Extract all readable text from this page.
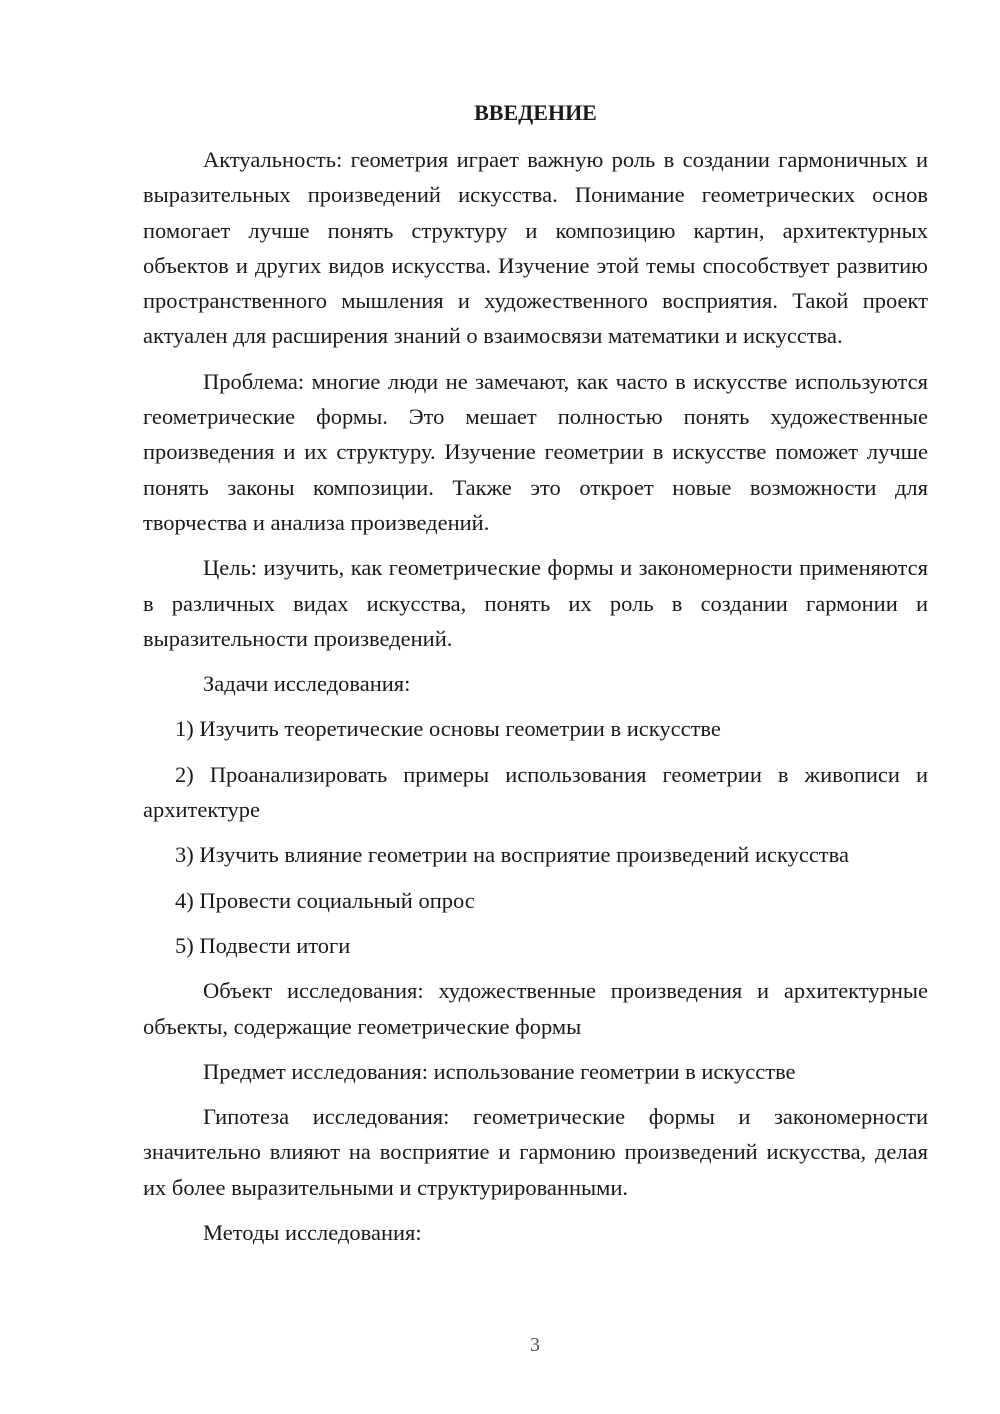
ВВЕДЕНИЕ

Актуальность: геометрия играет важную роль в создании гармоничных и выразительных произведений искусства. Понимание геометрических основ помогает лучше понять структуру и композицию картин, архитектурных объектов и других видов искусства. Изучение этой темы способствует развитию пространственного мышления и художественного восприятия. Такой проект актуален для расширения знаний о взаимосвязи математики и искусства.

Проблема: многие люди не замечают, как часто в искусстве используются геометрические формы. Это мешает полностью понять художественные произведения и их структуру. Изучение геометрии в искусстве поможет лучше понять законы композиции. Также это откроет новые возможности для творчества и анализа произведений.

Цель: изучить, как геометрические формы и закономерности применяются в различных видах искусства, понять их роль в создании гармонии и выразительности произведений.

Задачи исследования:

1) Изучить теоретические основы геометрии в искусстве

2) Проанализировать примеры использования геометрии в живописи и архитектуре

3) Изучить влияние геометрии на восприятие произведений искусства

4) Провести социальный опрос

5) Подвести итоги

Объект исследования: художественные произведения и архитектурные объекты, содержащие геометрические формы

Предмет исследования: использование геометрии в искусстве

Гипотеза исследования: геометрические формы и закономерности значительно влияют на восприятие и гармонию произведений искусства, делая их более выразительными и структурированными.

Методы исследования:

3
